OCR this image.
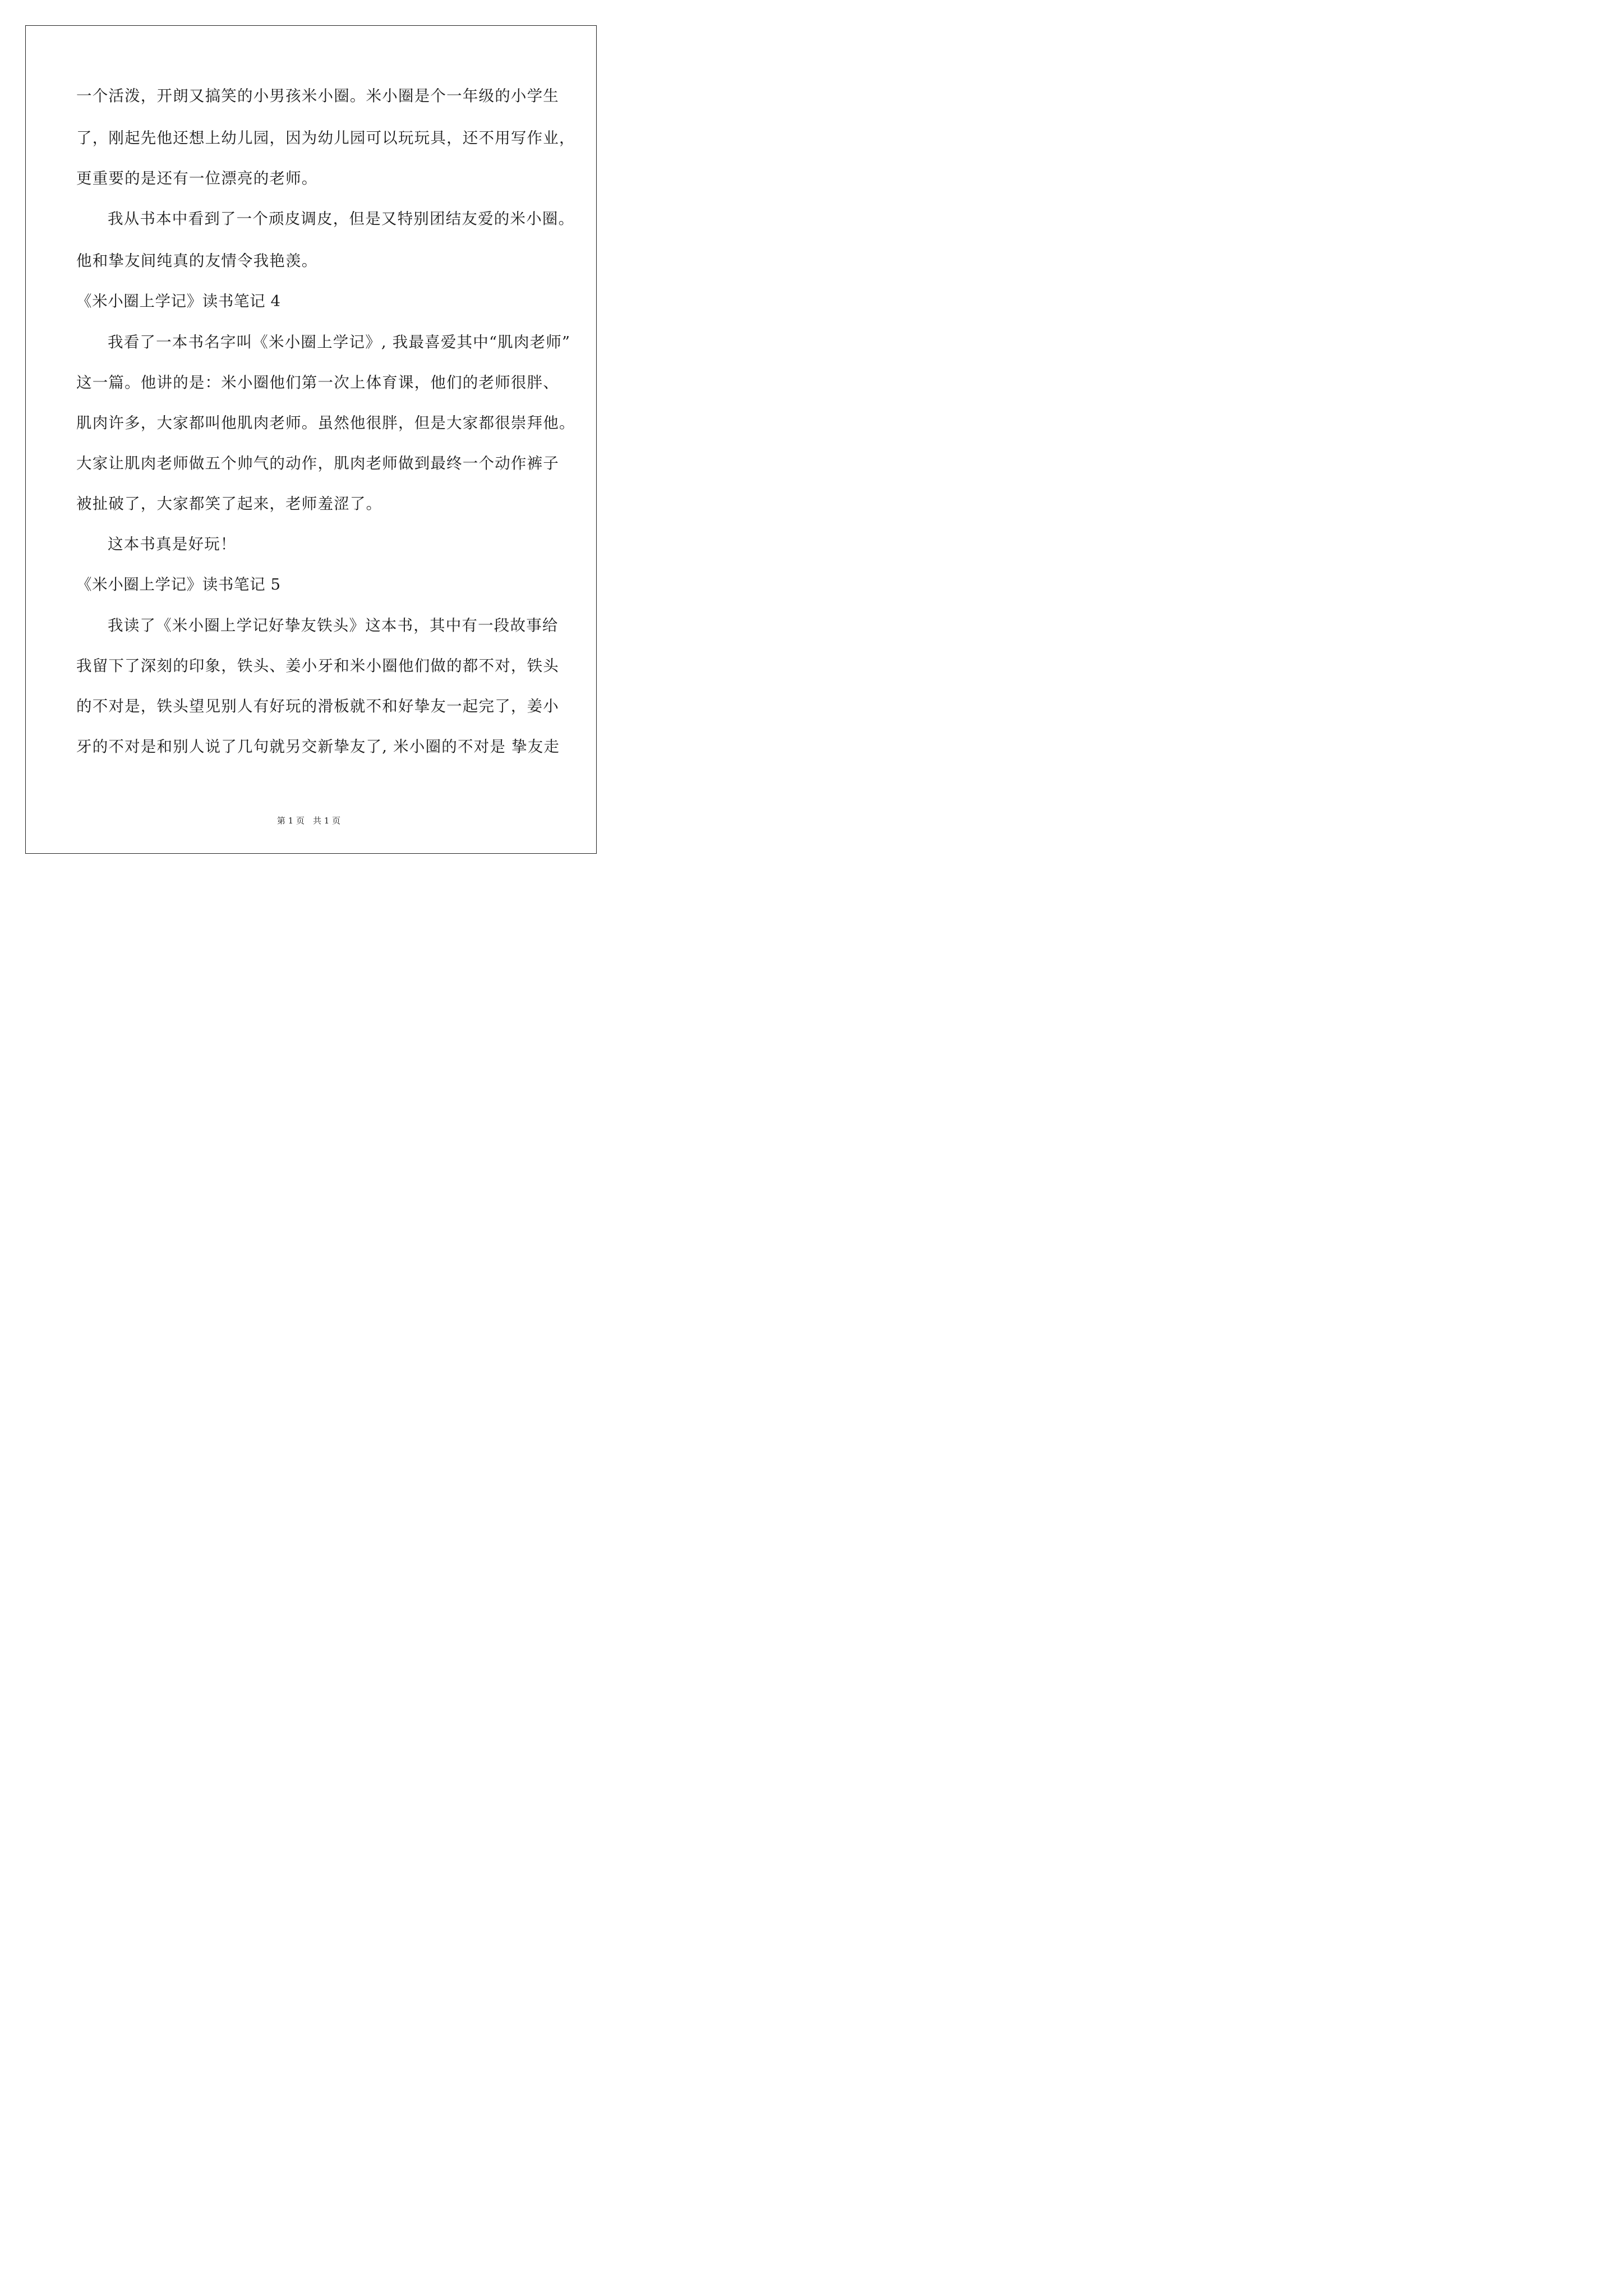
一个活泼，开朗又搞笑的小男孩米小圈。米小圈是个一年级的小学生

了，刚起先他还想上幼儿园，因为幼儿园可以玩玩具，还不用写作业，

更重要的是还有一位漂亮的老师。

我从书本中看到了一个顽皮调皮，但是又特别团结友爱的米小圈。

他和挚友间纯真的友情令我艳羡。

《米小圈上学记》读书笔记 4

我看了一本书名字叫《米小圈上学记》, 我最喜爱其中“肌肉老师”

这一篇。他讲的是：米小圈他们第一次上体育课，他们的老师很胖、

肌肉许多，大家都叫他肌肉老师。虽然他很胖，但是大家都很崇拜他。

大家让肌肉老师做五个帅气的动作，肌肉老师做到最终一个动作裤子

被扯破了，大家都笑了起来，老师羞涩了。

这本书真是好玩！

《米小圈上学记》读书笔记 5

我读了《米小圈上学记好挚友铁头》这本书，其中有一段故事给

我留下了深刻的印象，铁头、姜小牙和米小圈他们做的都不对，铁头

的不对是，铁头望见别人有好玩的滑板就不和好挚友一起完了，姜小

牙的不对是和别人说了几句就另交新挚友了, 米小圈的不对是 挚友走

第 1 页　共 1 页
